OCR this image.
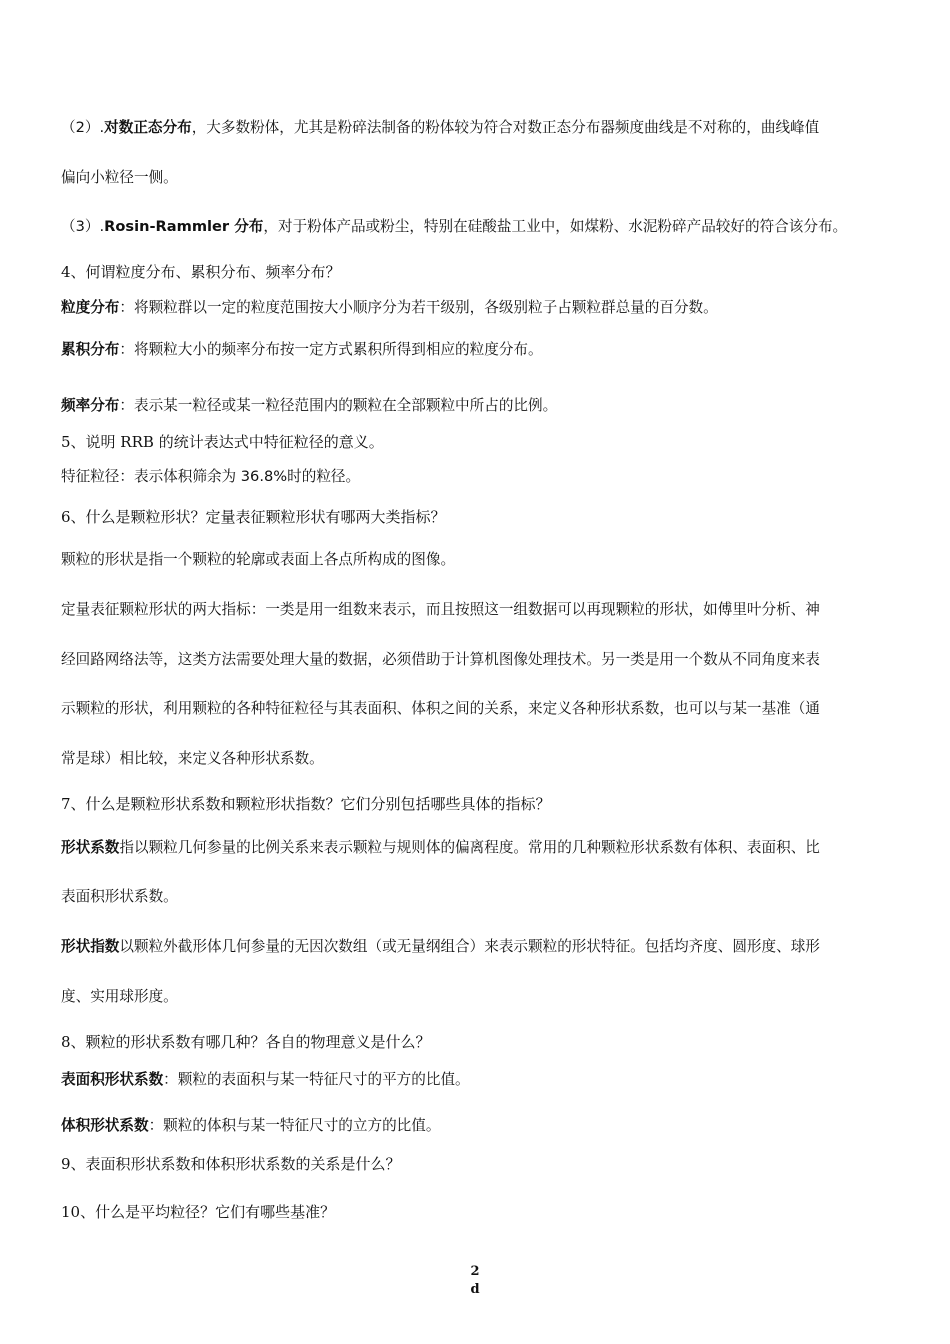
（2）.对数正态分布，大多数粉体，尤其是粉碎法制备的粉体较为符合对数正态分布器频度曲线是不对称的，曲线峰值
偏向小粒径一侧。
（3）.Rosin-Rammler 分布，对于粉体产品或粉尘，特别在硅酸盐工业中，如煤粉、水泥粉碎产品较好的符合该分布。
4、何谓粒度分布、累积分布、频率分布？
粒度分布：将颗粒群以一定的粒度范围按大小顺序分为若干级别，各级别粒子占颗粒群总量的百分数。
累积分布：将颗粒大小的频率分布按一定方式累积所得到相应的粒度分布。
频率分布：表示某一粒径或某一粒径范围内的颗粒在全部颗粒中所占的比例。
5、说明 RRB 的统计表达式中特征粒径的意义。
特征粒径：表示体积筛余为 36.8%时的粒径。
6、什么是颗粒形状？定量表征颗粒形状有哪两大类指标？
颗粒的形状是指一个颗粒的轮廓或表面上各点所构成的图像。
定量表征颗粒形状的两大指标：一类是用一组数来表示，而且按照这一组数据可以再现颗粒的形状，如傅里叶分析、神
经回路网络法等，这类方法需要处理大量的数据，必须借助于计算机图像处理技术。另一类是用一个数从不同角度来表
示颗粒的形状，利用颗粒的各种特征粒径与其表面积、体积之间的关系，来定义各种形状系数，也可以与某一基准（通
常是球）相比较，来定义各种形状系数。
7、什么是颗粒形状系数和颗粒形状指数？它们分别包括哪些具体的指标？
形状系数指以颗粒几何参量的比例关系来表示颗粒与规则体的偏离程度。常用的几种颗粒形状系数有体积、表面积、比
表面积形状系数。
形状指数以颗粒外截形体几何参量的无因次数组（或无量纲组合）来表示颗粒的形状特征。包括均齐度、圆形度、球形
度、实用球形度。
8、颗粒的形状系数有哪几种？各自的物理意义是什么？
表面积形状系数：颗粒的表面积与某一特征尺寸的平方的比值。
体积形状系数：颗粒的体积与某一特征尺寸的立方的比值。
9、表面积形状系数和体积形状系数的关系是什么？
10、什么是平均粒径？它们有哪些基准？
2
d
